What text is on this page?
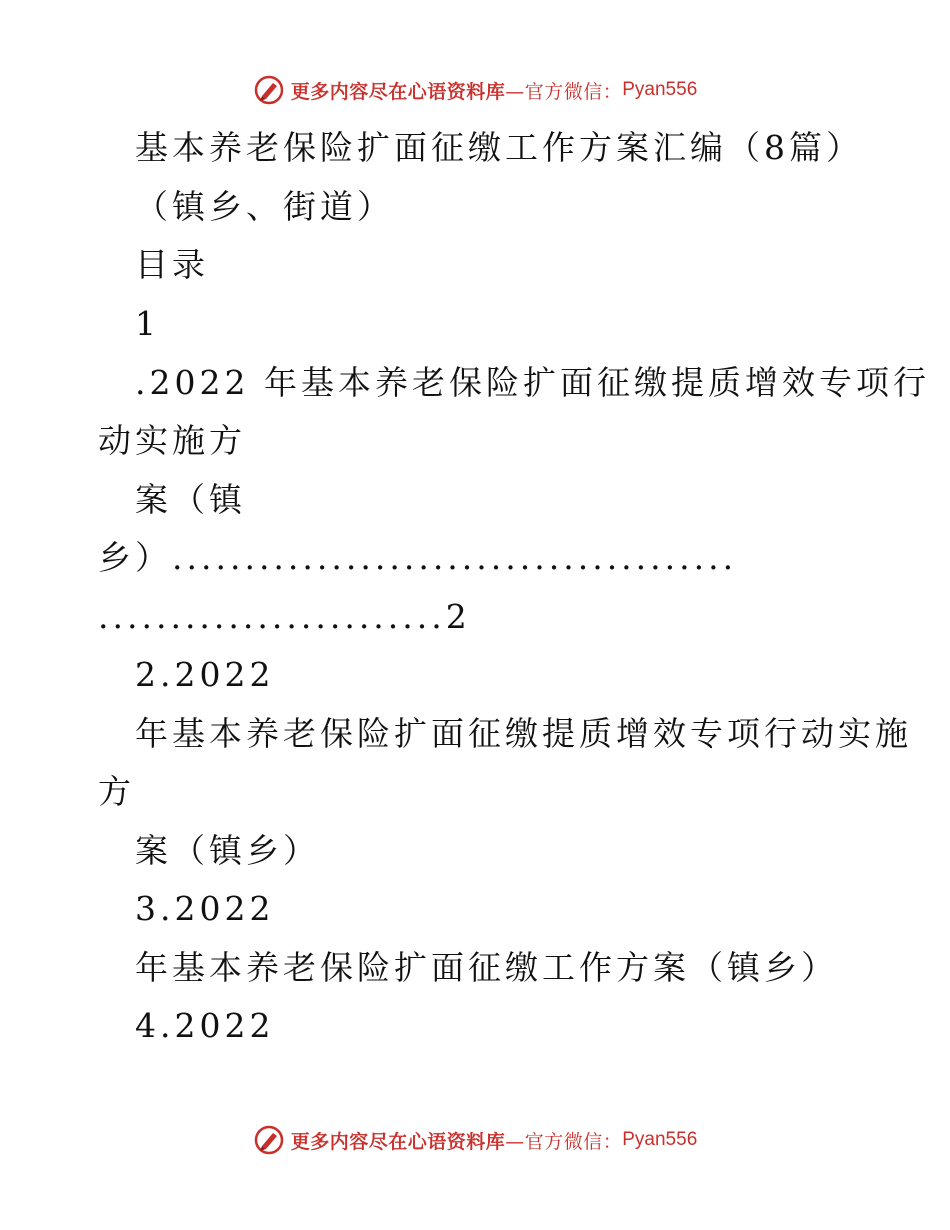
更多内容尽在心语资料库 —官方微信： Pyan556
基本养老保险扩面征缴工作方案汇编（8篇）
（镇乡、街道）
目录
1
.2022 年基本养老保险扩面征缴提质增效专项行
动实施方
案（镇
乡）.......................................
........................2
2.2022
年基本养老保险扩面征缴提质增效专项行动实施
方
案（镇乡）
3.2022
年基本养老保险扩面征缴工作方案（镇乡）
4.2022
更多内容尽在心语资料库 —官方微信： Pyan556
